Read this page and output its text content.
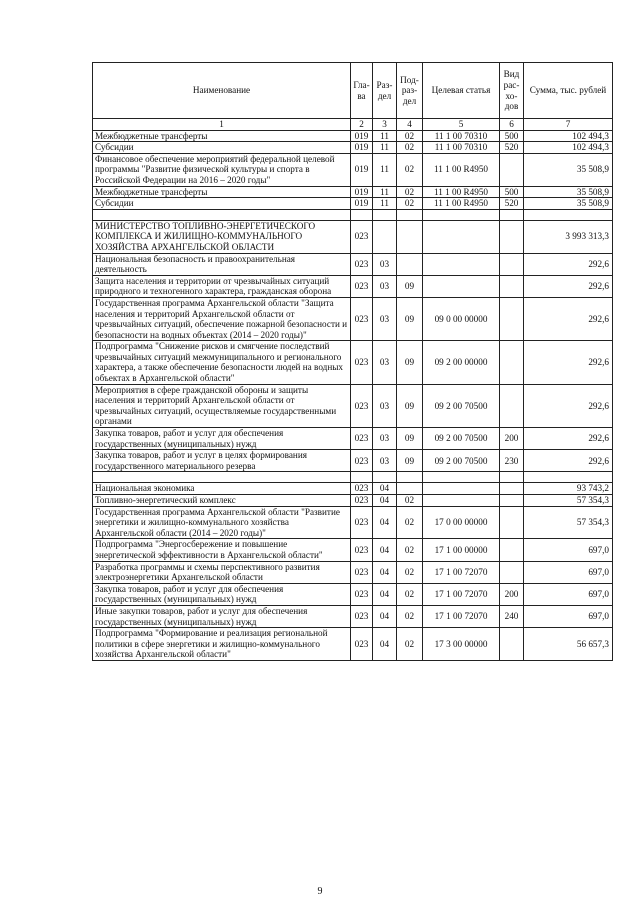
Наименование	Гла-ва	Раз-дел	Под-раз-дел	Целевая статья	Вид рас-хо-дов	Сумма, тыс. рублей
1	2	3	4	5	6	7
Межбюджетные трансферты	019	11	02	11 1 00 70310	500	102 494,3
Субсидии	019	11	02	11 1 00 70310	520	102 494,3
Финансовое обеспечение мероприятий федеральной целевой программы "Развитие физической культуры и спорта в Российской Федерации на 2016 – 2020 годы"	019	11	02	11 1 00 R4950		35 508,9
Межбюджетные трансферты	019	11	02	11 1 00 R4950	500	35 508,9
Субсидии	019	11	02	11 1 00 R4950	520	35 508,9

МИНИСТЕРСТВО ТОПЛИВНО-ЭНЕРГЕТИЧЕСКОГО КОМПЛЕКСА И ЖИЛИЩНО-КОММУНАЛЬНОГО ХОЗЯЙСТВА АРХАНГЕЛЬСКОЙ ОБЛАСТИ	023					3 993 313,3
Национальная безопасность и правоохранительная деятельность	023	03				292,6
Защита населения и территории от чрезвычайных ситуаций природного и техногенного характера, гражданская оборона	023	03	09			292,6
Государственная программа Архангельской области "Защита населения и территорий Архангельской области от чрезвычайных ситуаций, обеспечение пожарной безопасности и безопасности на водных объектах (2014 – 2020 годы)"	023	03	09	09 0 00 00000		292,6
Подпрограмма "Снижение рисков и смягчение последствий чрезвычайных ситуаций межмуниципального и регионального характера, а также обеспечение безопасности людей на водных объектах в Архангельской области"	023	03	09	09 2 00 00000		292,6
Мероприятия в сфере гражданской обороны и защиты населения и территорий Архангельской области от чрезвычайных ситуаций, осуществляемые государственными органами	023	03	09	09 2 00 70500		292,6
Закупка товаров, работ и услуг для обеспечения государственных (муниципальных) нужд	023	03	09	09 2 00 70500	200	292,6
Закупка товаров, работ и услуг в целях формирования государственного материального резерва	023	03	09	09 2 00 70500	230	292,6

Национальная экономика	023	04				93 743,2
Топливно-энергетический комплекс	023	04	02			57 354,3
Государственная программа Архангельской области "Развитие энергетики и жилищно-коммунального хозяйства Архангельской области (2014 – 2020 годы)"	023	04	02	17 0 00 00000		57 354,3
Подпрограмма "Энергосбережение и повышение энергетической эффективности в Архангельской области"	023	04	02	17 1 00 00000		697,0
Разработка программы и схемы перспективного развития электроэнергетики Архангельской области	023	04	02	17 1 00 72070		697,0
Закупка товаров, работ и услуг для обеспечения государственных (муниципальных) нужд	023	04	02	17 1 00 72070	200	697,0
Иные закупки товаров, работ и услуг для обеспечения государственных (муниципальных) нужд	023	04	02	17 1 00 72070	240	697,0
Подпрограмма "Формирование и реализация региональной политики в сфере энергетики и жилищно-коммунального хозяйства Архангельской области"	023	04	02	17 3 00 00000		56 657,3
9
